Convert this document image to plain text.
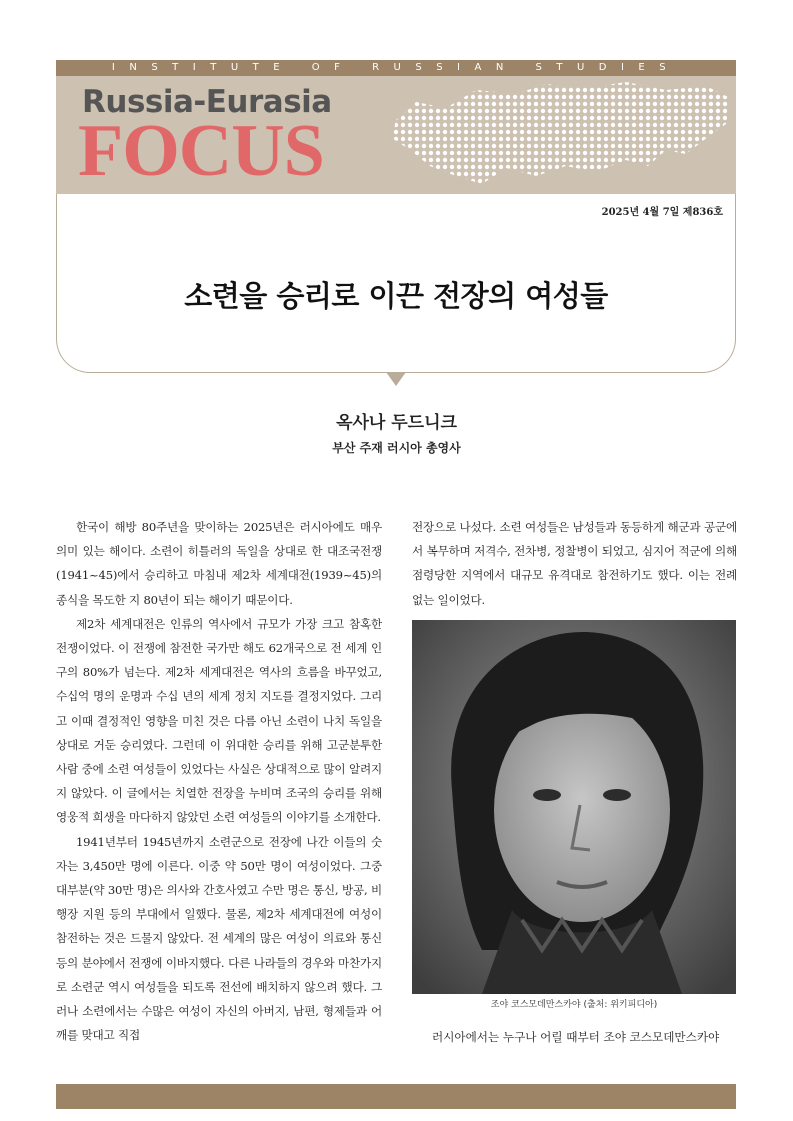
INSTITUTE OF RUSSIAN STUDIES
Russia-Eurasia
FOCUS
2025년 4월 7일 제836호
소련을 승리로 이끈 전장의 여성들
옥사나 두드니크
부산 주재 러시아 총영사

한국이 해방 80주년을 맞이하는 2025년은 러시아에도 매우 의미 있는 해이다. 소련이 히틀러의 독일을 상대로 한 대조국전쟁(1941~45)에서 승리하고 마침내 제2차 세계대전(1939~45)의 종식을 목도한 지 80년이 되는 해이기 때문이다.

제2차 세계대전은 인류의 역사에서 규모가 가장 크고 참혹한 전쟁이었다. 이 전쟁에 참전한 국가만 해도 62개국으로 전 세계 인구의 80%가 넘는다. 제2차 세계대전은 역사의 흐름을 바꾸었고, 수십억 명의 운명과 수십 년의 세계 정치 지도를 결정지었다. 그리고 이때 결정적인 영향을 미친 것은 다름 아닌 소련이 나치 독일을 상대로 거둔 승리였다. 그런데 이 위대한 승리를 위해 고군분투한 사람 중에 소련 여성들이 있었다는 사실은 상대적으로 많이 알려지지 않았다. 이 글에서는 치열한 전장을 누비며 조국의 승리를 위해 영웅적 희생을 마다하지 않았던 소련 여성들의 이야기를 소개한다.

1941년부터 1945년까지 소련군으로 전장에 나간 이들의 숫자는 3,450만 명에 이른다. 이중 약 50만 명이 여성이었다. 그중 대부분(약 30만 명)은 의사와 간호사였고 수만 명은 통신, 방공, 비행장 지원 등의 부대에서 일했다. 물론, 제2차 세계대전에 여성이 참전하는 것은 드물지 않았다. 전 세계의 많은 여성이 의료와 통신 등의 분야에서 전쟁에 이바지했다. 다른 나라들의 경우와 마찬가지로 소련군 역시 여성들을 되도록 전선에 배치하지 않으려 했다. 그러나 소련에서는 수많은 여성이 자신의 아버지, 남편, 형제들과 어깨를 맞대고 직접

전장으로 나섰다. 소련 여성들은 남성들과 동등하게 해군과 공군에서 복무하며 저격수, 전차병, 정찰병이 되었고, 심지어 적군에 의해 점령당한 지역에서 대규모 유격대로 참전하기도 했다. 이는 전례 없는 일이었다.

조야 코스모데만스카야 (출처: 위키피디아)
러시아에서는 누구나 어릴 때부터 조야 코스모데만스카야
